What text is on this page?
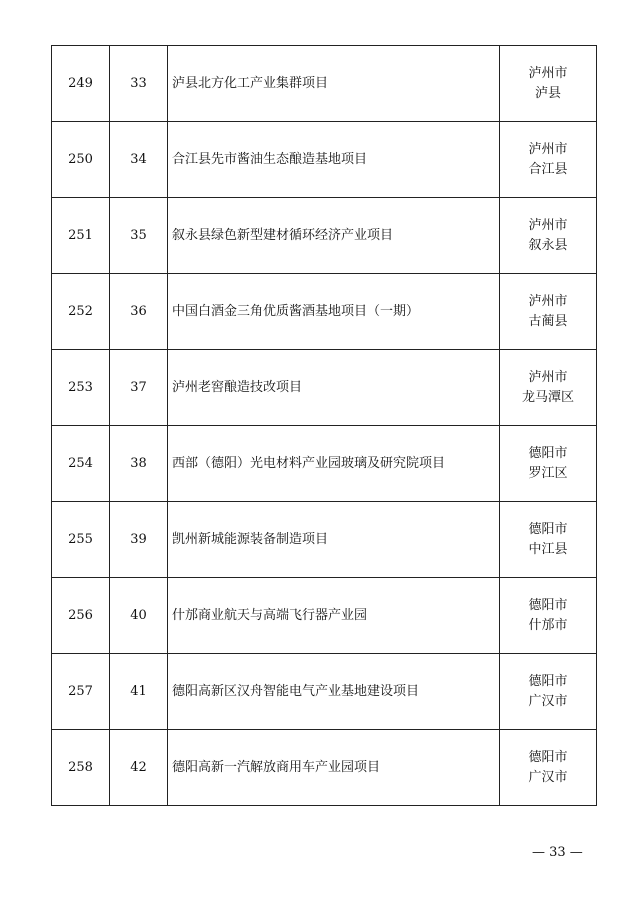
249	33	泸县北方化工产业集群项目	泸州市
泸县

250	34	合江县先市酱油生态酿造基地项目	泸州市
合江县

251	35	叙永县绿色新型建材循环经济产业项目	泸州市
叙永县

252	36	中国白酒金三角优质酱酒基地项目（一期）	泸州市
古蔺县

253	37	泸州老窖酿造技改项目	泸州市
龙马潭区

254	38	西部（德阳）光电材料产业园玻璃及研究院项目	德阳市
罗江区

255	39	凯州新城能源装备制造项目	德阳市
中江县

256	40	什邡商业航天与高端飞行器产业园	德阳市
什邡市

257	41	德阳高新区汉舟智能电气产业基地建设项目	德阳市
广汉市

258	42	德阳高新一汽解放商用车产业园项目	德阳市
广汉市
— 33 —
